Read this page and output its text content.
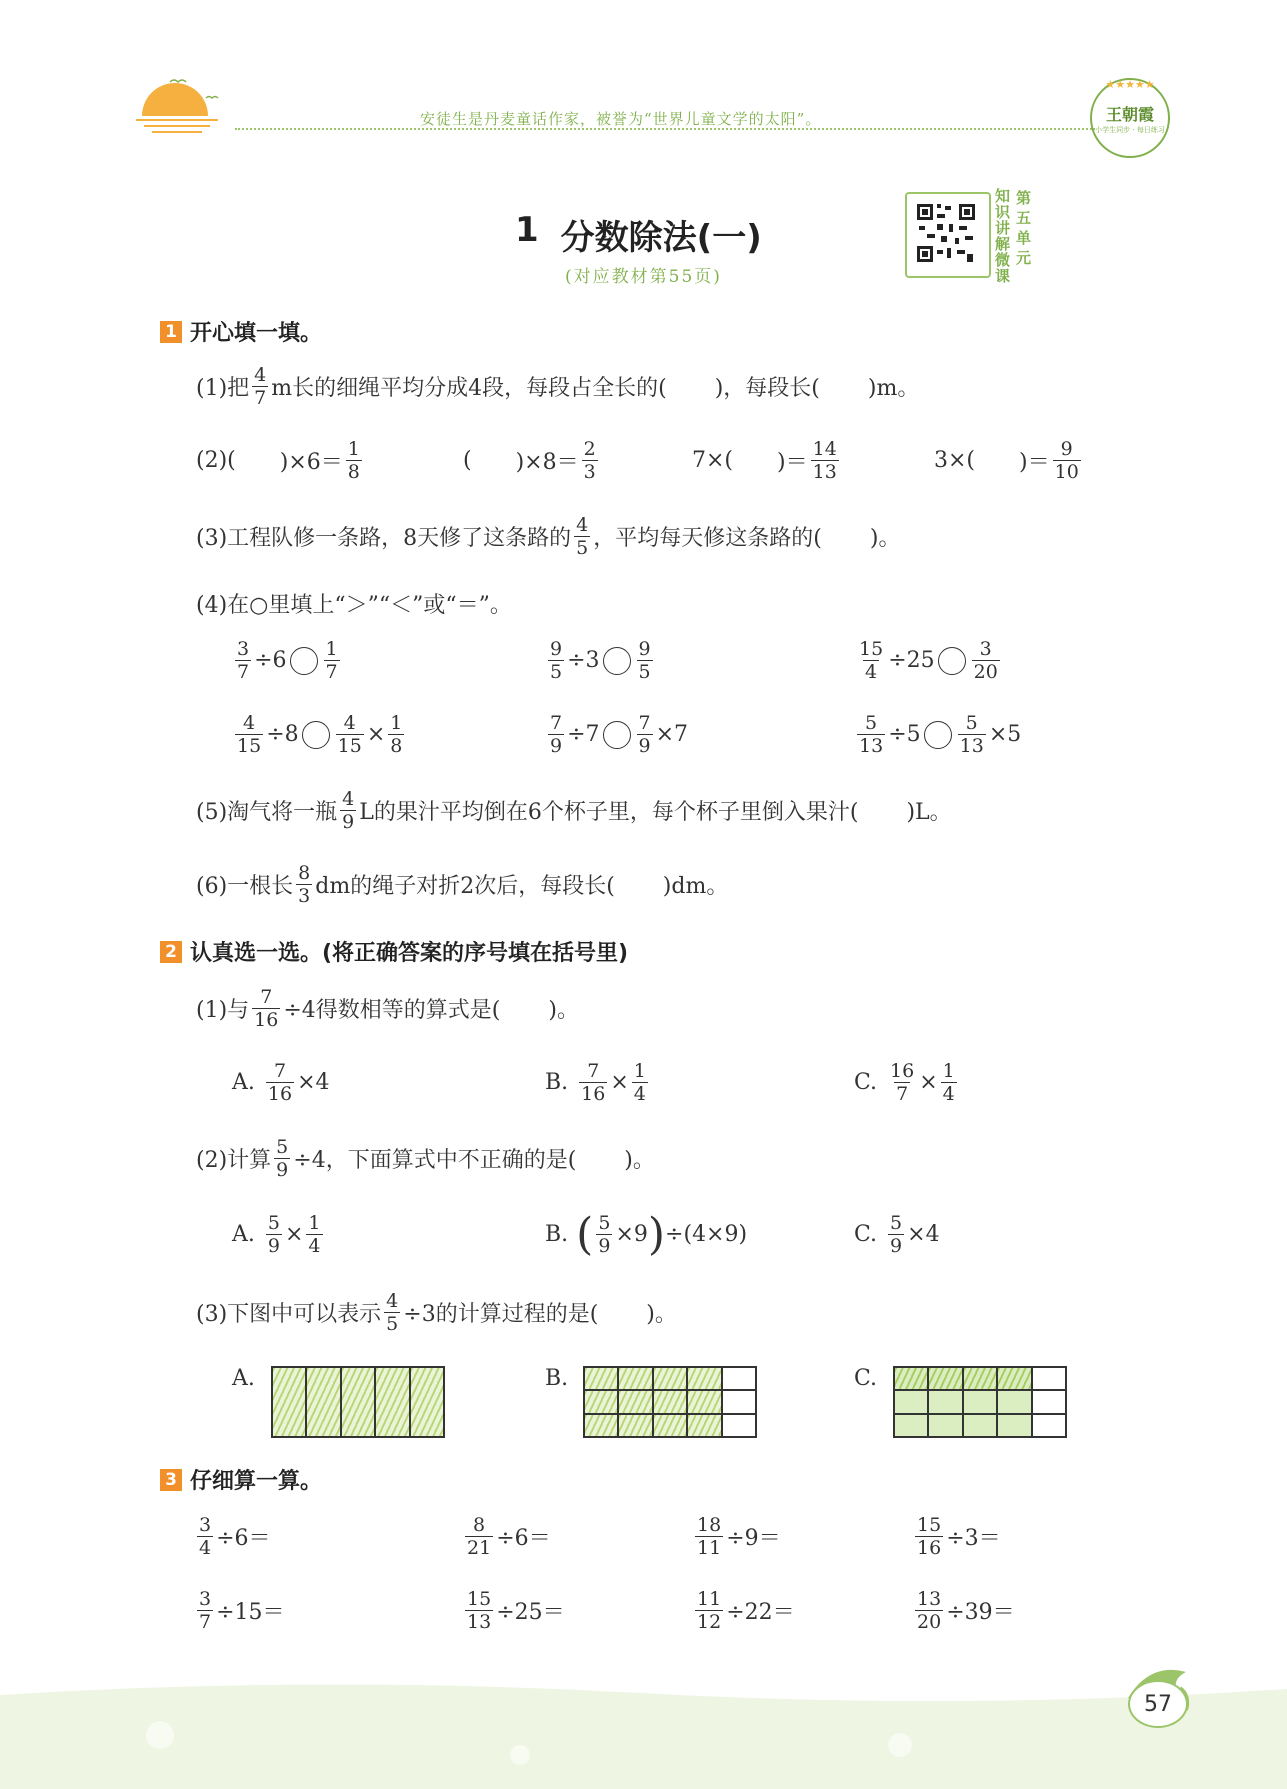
安徒生是丹麦童话作家，被誉为“世界儿童文学的太阳”。
★★★★★
王朝霞
小学生同步 · 每日练习
1 分数除法(一)
(对应教材第55页)
知识讲解微课
第五单元
1 开心填一填。
(1)把 $\frac{4}{7}$ m长的细绳平均分成4段，每段占全长的( )，每段长( )m。
(2)( )$\times 6= \frac{1}{8}$	( )$\times 8= \frac{2}{3}$	7×( )＝ $\frac{14}{13}$	3×( )＝ $\frac{9}{10}$
(3)工程队修一条路，8天修了这条路的 $\frac{4}{5}$ ，平均每天修这条路的( )。
(4)在○里填上“＞”“＜”或“＝”。
$\frac{3}{7} \div 6 \frac{1}{7}$	$\frac{9}{5} \div 3 \frac{9}{5}$	$\frac{15}{4} \div 25 \frac{3}{20}$
$\frac{4}{15} \div 8 \frac{4}{15} \times \frac{1}{8}$	$\frac{7}{9} \div 7 \frac{7}{9} \times 7$	$\frac{5}{13} \div 5 \frac{5}{13} \times 5$
(5)淘气将一瓶 $\frac{4}{9}$ L的果汁平均倒在6个杯子里，每个杯子里倒入果汁( )L。
(6)一根长 $\frac{8}{3}$ dm的绳子对折2次后，每段长( )dm。
2 认真选一选。(将正确答案的序号填在括号里)
(1)与 $\frac{7}{16} \div 4$得数相等的算式是( )。
A. $\frac{7}{16} \times 4$	B. $\frac{7}{16} \times \frac{1}{4}$	C. $\frac{16}{7} \times \frac{1}{4}$
(2)计算 $\frac{5}{9} \div 4$，下面算式中不正确的是( )。
A. $\frac{5}{9} \times \frac{1}{4}$	B. ( $\frac{5}{9} \times 9$ ) ÷(4×9)	C. $\frac{5}{9} \times 4$
(3)下图中可以表示 $\frac{4}{5} \div 3$的计算过程的是( )。
A.	B.	C.
3 仔细算一算。
$\frac{3}{4} \div 6=$	$\frac{8}{21} \div 6=$	$\frac{18}{11} \div 9=$	$\frac{15}{16} \div 3=$
$\frac{3}{7} \div 15=$	$\frac{15}{13} \div 25=$	$\frac{11}{12} \div 22=$	$\frac{13}{20} \div 39=$
57
